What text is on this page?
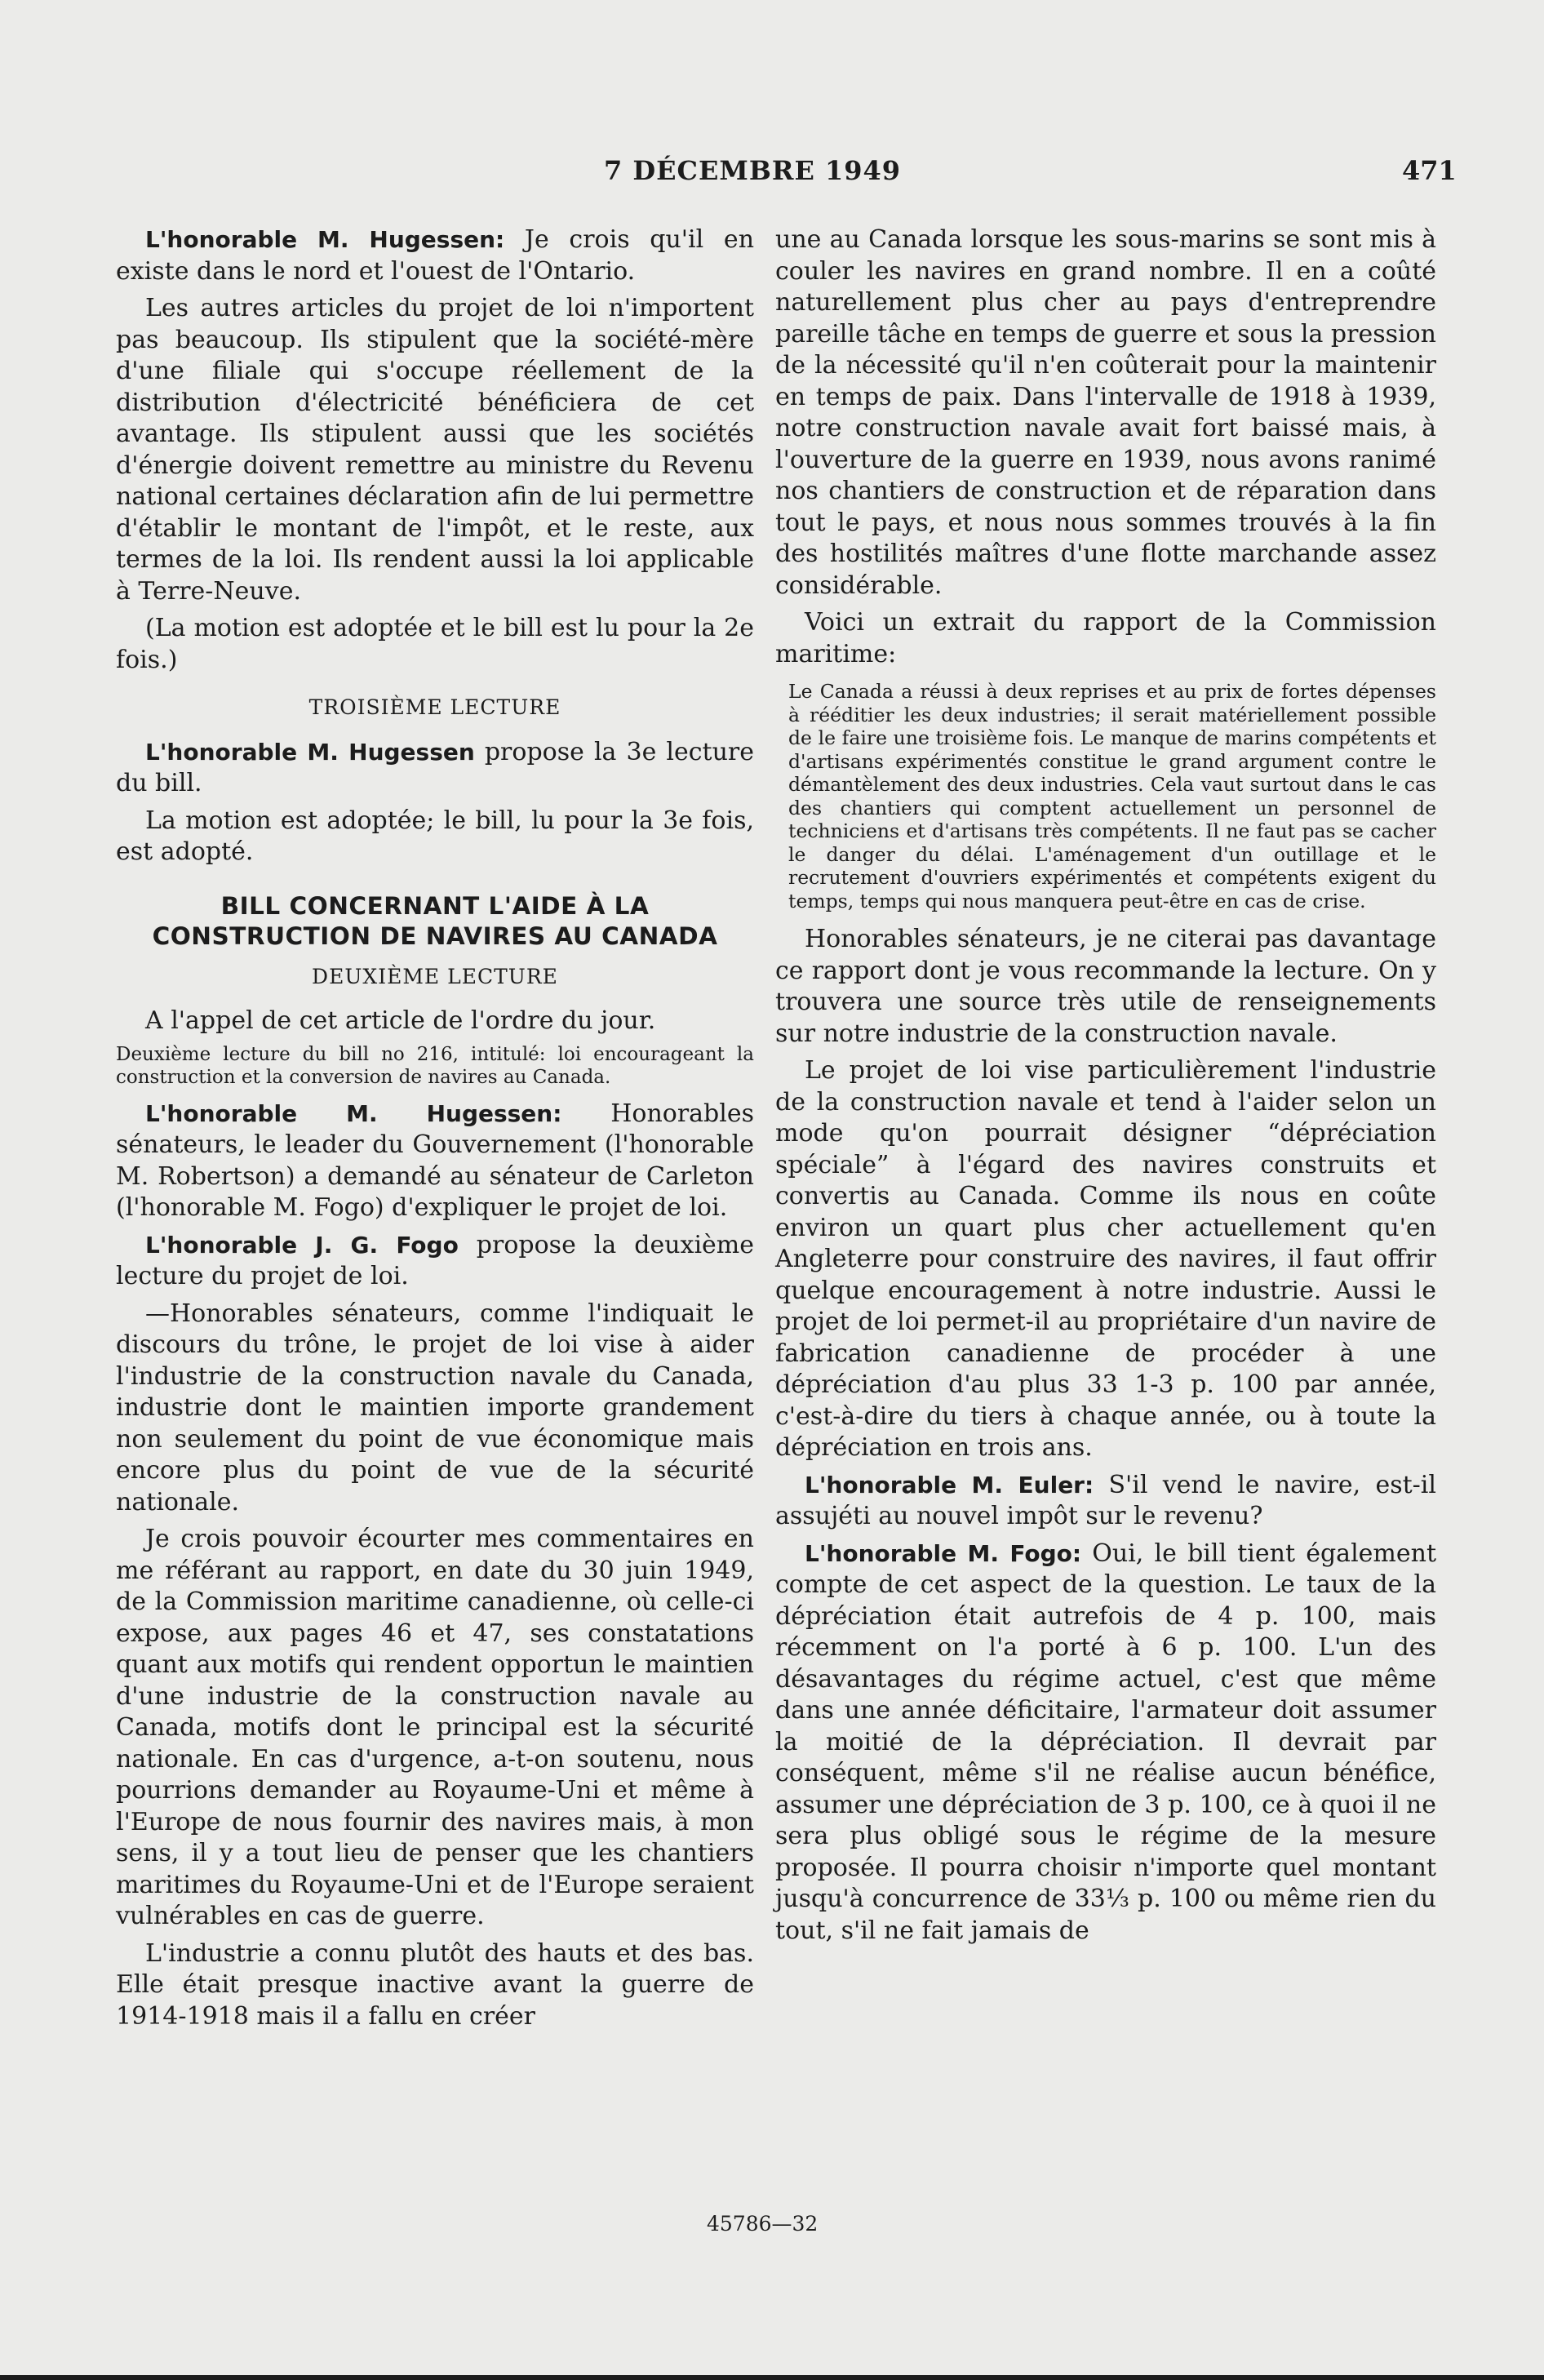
7 DÉCEMBRE 1949	471

L'honorable M. Hugessen: Je crois qu'il en existe dans le nord et l'ouest de l'Ontario.

Les autres articles du projet de loi n'importent pas beaucoup. Ils stipulent que la société-mère d'une filiale qui s'occupe réellement de la distribution d'électricité bénéficiera de cet avantage. Ils stipulent aussi que les sociétés d'énergie doivent remettre au ministre du Revenu national certaines déclaration afin de lui permettre d'établir le montant de l'impôt, et le reste, aux termes de la loi. Ils rendent aussi la loi applicable à Terre-Neuve.

(La motion est adoptée et le bill est lu pour la 2e fois.)

TROISIÈME LECTURE

L'honorable M. Hugessen propose la 3e lecture du bill.

La motion est adoptée; le bill, lu pour la 3e fois, est adopté.

BILL CONCERNANT L'AIDE À LA CONSTRUCTION DE NAVIRES AU CANADA

DEUXIÈME LECTURE

A l'appel de cet article de l'ordre du jour.

Deuxième lecture du bill no 216, intitulé: loi encourageant la construction et la conversion de navires au Canada.

L'honorable M. Hugessen: Honorables sénateurs, le leader du Gouvernement (l'honorable M. Robertson) a demandé au sénateur de Carleton (l'honorable M. Fogo) d'expliquer le projet de loi.

L'honorable J. G. Fogo propose la deuxième lecture du projet de loi.

—Honorables sénateurs, comme l'indiquait le discours du trône, le projet de loi vise à aider l'industrie de la construction navale du Canada, industrie dont le maintien importe grandement non seulement du point de vue économique mais encore plus du point de vue de la sécurité nationale.

Je crois pouvoir écourter mes commentaires en me référant au rapport, en date du 30 juin 1949, de la Commission maritime canadienne, où celle-ci expose, aux pages 46 et 47, ses constatations quant aux motifs qui rendent opportun le maintien d'une industrie de la construction navale au Canada, motifs dont le principal est la sécurité nationale. En cas d'urgence, a-t-on soutenu, nous pourrions demander au Royaume-Uni et même à l'Europe de nous fournir des navires mais, à mon sens, il y a tout lieu de penser que les chantiers maritimes du Royaume-Uni et de l'Europe seraient vulnérables en cas de guerre.

L'industrie a connu plutôt des hauts et des bas. Elle était presque inactive avant la guerre de 1914-1918 mais il a fallu en créer

une au Canada lorsque les sous-marins se sont mis à couler les navires en grand nombre. Il en a coûté naturellement plus cher au pays d'entreprendre pareille tâche en temps de guerre et sous la pression de la nécessité qu'il n'en coûterait pour la maintenir en temps de paix. Dans l'intervalle de 1918 à 1939, notre construction navale avait fort baissé mais, à l'ouverture de la guerre en 1939, nous avons ranimé nos chantiers de construction et de réparation dans tout le pays, et nous nous sommes trouvés à la fin des hostilités maîtres d'une flotte marchande assez considérable.

Voici un extrait du rapport de la Commission maritime:

Le Canada a réussi à deux reprises et au prix de fortes dépenses à rééditier les deux industries; il serait matériellement possible de le faire une troisième fois. Le manque de marins compétents et d'artisans expérimentés constitue le grand argument contre le démantèlement des deux industries. Cela vaut surtout dans le cas des chantiers qui comptent actuellement un personnel de techniciens et d'artisans très compétents. Il ne faut pas se cacher le danger du délai. L'aménagement d'un outillage et le recrutement d'ouvriers expérimentés et compétents exigent du temps, temps qui nous manquera peut-être en cas de crise.

Honorables sénateurs, je ne citerai pas davantage ce rapport dont je vous recommande la lecture. On y trouvera une source très utile de renseignements sur notre industrie de la construction navale.

Le projet de loi vise particulièrement l'industrie de la construction navale et tend à l'aider selon un mode qu'on pourrait désigner “dépréciation spéciale” à l'égard des navires construits et convertis au Canada. Comme ils nous en coûte environ un quart plus cher actuellement qu'en Angleterre pour construire des navires, il faut offrir quelque encouragement à notre industrie. Aussi le projet de loi permet-il au propriétaire d'un navire de fabrication canadienne de procéder à une dépréciation d'au plus 33 1-3 p. 100 par année, c'est-à-dire du tiers à chaque année, ou à toute la dépréciation en trois ans.

L'honorable M. Euler: S'il vend le navire, est-il assujéti au nouvel impôt sur le revenu?

L'honorable M. Fogo: Oui, le bill tient également compte de cet aspect de la question. Le taux de la dépréciation était autrefois de 4 p. 100, mais récemment on l'a porté à 6 p. 100. L'un des désavantages du régime actuel, c'est que même dans une année déficitaire, l'armateur doit assumer la moitié de la dépréciation. Il devrait par conséquent, même s'il ne réalise aucun bénéfice, assumer une dépréciation de 3 p. 100, ce à quoi il ne sera plus obligé sous le régime de la mesure proposée. Il pourra choisir n'importe quel montant jusqu'à concurrence de 33⅓ p. 100 ou même rien du tout, s'il ne fait jamais de

45786—32
